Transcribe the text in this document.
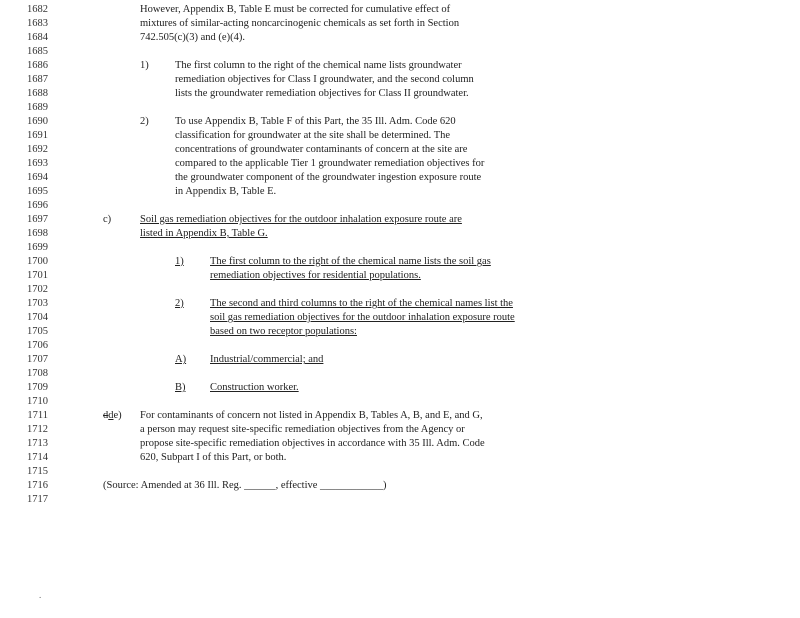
1682
1683
1684
1685
1686
1687
1688
1689
1690
1691
1692
1693
1694
1695
1696
1697
1698
1699
1700
1701
1702
1703
1704
1705
1706
1707
1708
1709
1710
1711
1712
1713
1714
1715
1716
1717
However, Appendix B, Table E must be corrected for cumulative effect of
mixtures of similar-acting noncarcinogenic chemicals as set forth in Section
742.505(c)(3) and (e)(4).
1)	The first column to the right of the chemical name lists groundwater
remediation objectives for Class I groundwater, and the second column
lists the groundwater remediation objectives for Class II groundwater.
2)	To use Appendix B, Table F of this Part, the 35 Ill. Adm. Code 620
classification for groundwater at the site shall be determined. The
concentrations of groundwater contaminants of concern at the site are
compared to the applicable Tier 1 groundwater remediation objectives for
the groundwater component of the groundwater ingestion exposure route
in Appendix B, Table E.
c)	Soil gas remediation objectives for the outdoor inhalation exposure route are
listed in Appendix B, Table G.
1)	The first column to the right of the chemical name lists the soil gas
remediation objectives for residential populations.
2)	The second and third columns to the right of the chemical names list the
soil gas remediation objectives for the outdoor inhalation exposure route
based on two receptor populations:
A) Industrial/commercial; and
B) Construction worker.
dde) For contaminants of concern not listed in Appendix B, Tables A, B, and E, and G,
a person may request site-specific remediation objectives from the Agency or
propose site-specific remediation objectives in accordance with 35 Ill. Adm. Code
620, Subpart I of this Part, or both.
(Source: Amended at 36 Ill. Reg. ______, effective ____________)
.
